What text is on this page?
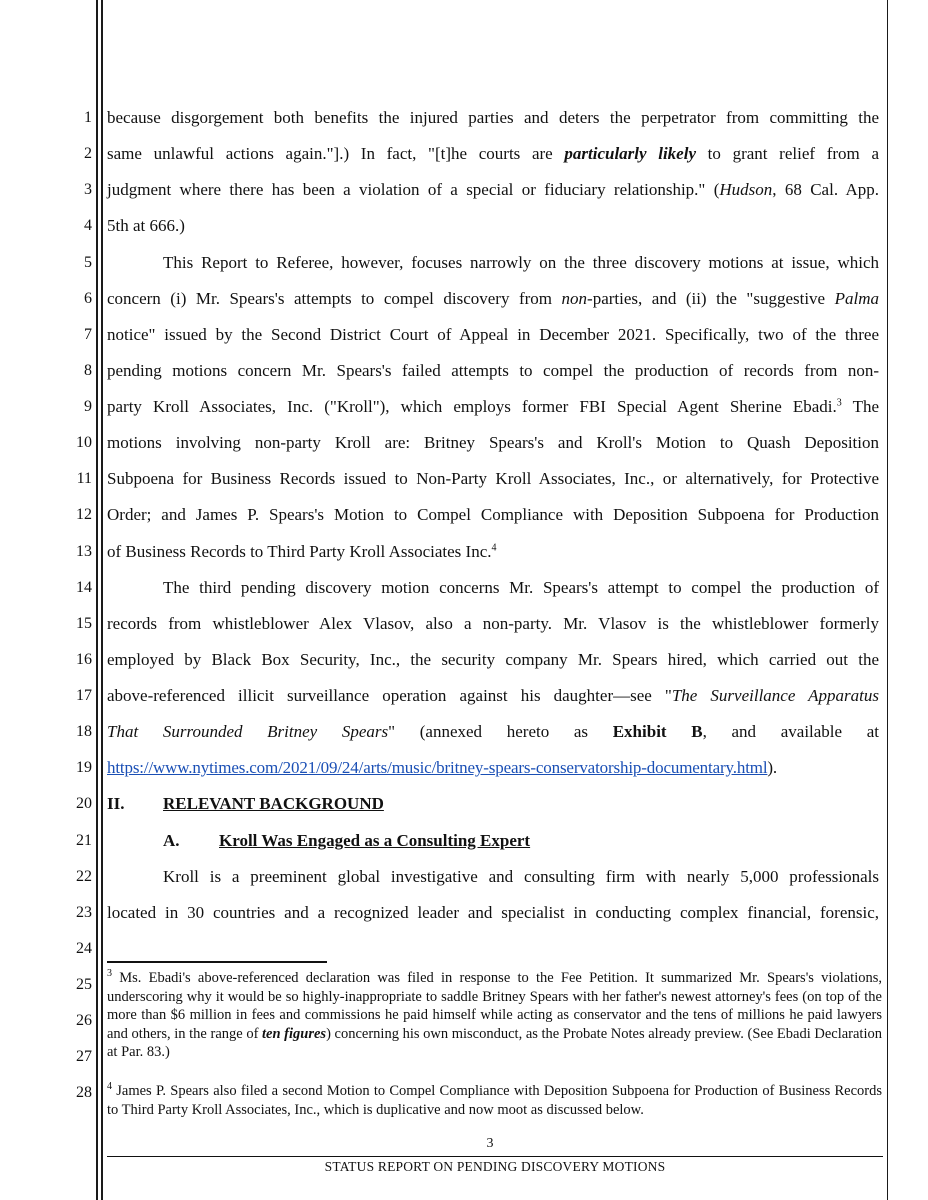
1
2
3
4
5
6
7
8
9
10
11
12
13
14
15
16
17
18
19
20
21
22
23
24
25
26
27
28
because disgorgement both benefits the injured parties and deters the perpetrator from committing the
same unlawful actions again."].) In fact, "[t]he courts are particularly likely to grant relief from a
judgment where there has been a violation of a special or fiduciary relationship." (Hudson, 68 Cal. App.
5th at 666.)
This Report to Referee, however, focuses narrowly on the three discovery motions at issue, which
concern (i) Mr. Spears's attempts to compel discovery from non-parties, and (ii) the "suggestive Palma
notice" issued by the Second District Court of Appeal in December 2021. Specifically, two of the three
pending motions concern Mr. Spears's failed attempts to compel the production of records from non-
party Kroll Associates, Inc. ("Kroll"), which employs former FBI Special Agent Sherine Ebadi.$^3$ The
motions involving non-party Kroll are: Britney Spears's and Kroll's Motion to Quash Deposition
Subpoena for Business Records issued to Non-Party Kroll Associates, Inc., or alternatively, for Protective
Order; and James P. Spears's Motion to Compel Compliance with Deposition Subpoena for Production
of Business Records to Third Party Kroll Associates Inc.$^4$
The third pending discovery motion concerns Mr. Spears's attempt to compel the production of
records from whistleblower Alex Vlasov, also a non-party. Mr. Vlasov is the whistleblower formerly
employed by Black Box Security, Inc., the security company Mr. Spears hired, which carried out the
above-referenced illicit surveillance operation against his daughter—see "The Surveillance Apparatus
That Surrounded Britney Spears" (annexed hereto as Exhibit B, and available at
https://www.nytimes.com/2021/09/24/arts/music/britney-spears-conservatorship-documentary.html).
II. RELEVANT BACKGROUND
A. Kroll Was Engaged as a Consulting Expert
Kroll is a preeminent global investigative and consulting firm with nearly 5,000 professionals
located in 30 countries and a recognized leader and specialist in conducting complex financial, forensic,
$^3$ Ms. Ebadi's above-referenced declaration was filed in response to the Fee Petition. It summarized Mr. Spears's violations, underscoring why it would be so highly-inappropriate to saddle Britney Spears with her father's newest attorney's fees (on top of the more than $6 million in fees and commissions he paid himself while acting as conservator and the tens of millions he paid lawyers and others, in the range of ten figures) concerning his own misconduct, as the Probate Notes already preview. (See Ebadi Declaration at Par. 83.)
$^4$ James P. Spears also filed a second Motion to Compel Compliance with Deposition Subpoena for Production of Business Records to Third Party Kroll Associates, Inc., which is duplicative and now moot as discussed below.
3
STATUS REPORT ON PENDING DISCOVERY MOTIONS
